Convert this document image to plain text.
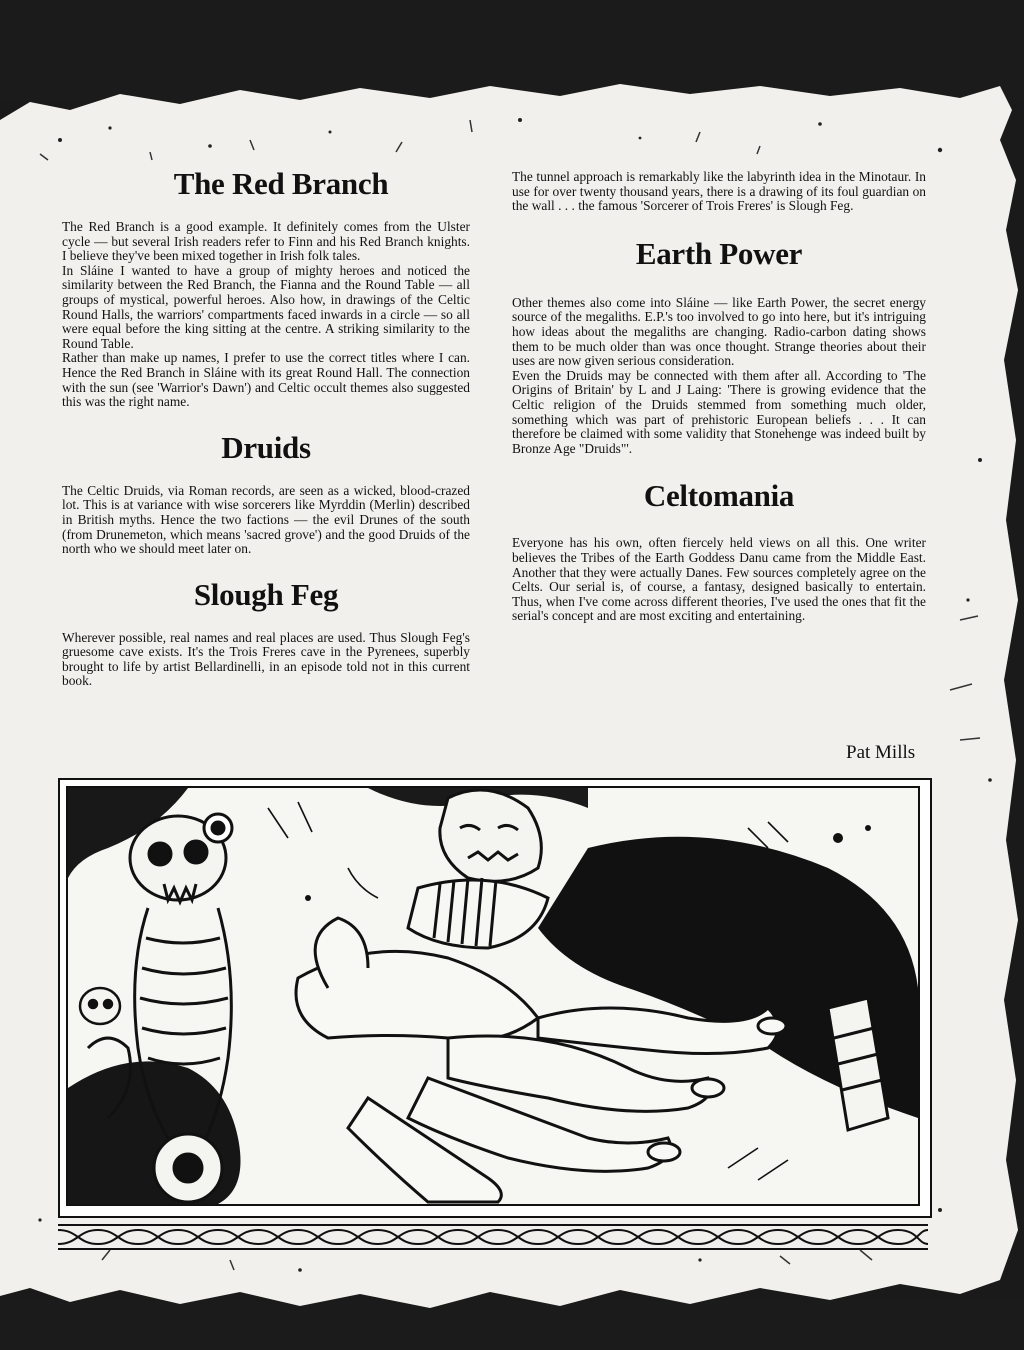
The Red Branch

The Red Branch is a good example. It definitely comes from the Ulster cycle — but several Irish readers refer to Finn and his Red Branch knights. I believe they've been mixed together in Irish folk tales.

In Sláine I wanted to have a group of mighty heroes and noticed the similarity between the Red Branch, the Fianna and the Round Table — all groups of mystical, powerful heroes. Also how, in drawings of the Celtic Round Halls, the warriors' compartments faced inwards in a circle — so all were equal before the king sitting at the centre. A striking similarity to the Round Table.

Rather than make up names, I prefer to use the correct titles where I can. Hence the Red Branch in Sláine with its great Round Hall. The connection with the sun (see 'Warrior's Dawn') and Celtic occult themes also suggested this was the right name.

Druids

The Celtic Druids, via Roman records, are seen as a wicked, blood-crazed lot. This is at variance with wise sorcerers like Myrddin (Merlin) described in British myths. Hence the two factions — the evil Drunes of the south (from Drunemeton, which means 'sacred grove') and the good Druids of the north who we should meet later on.

Slough Feg

Wherever possible, real names and real places are used. Thus Slough Feg's gruesome cave exists. It's the Trois Freres cave in the Pyrenees, superbly brought to life by artist Bellardinelli, in an episode told not in this current book.

The tunnel approach is remarkably like the labyrinth idea in the Minotaur. In use for over twenty thousand years, there is a drawing of its foul guardian on the wall . . . the famous 'Sorcerer of Trois Freres' is Slough Feg.

Earth Power

Other themes also come into Sláine — like Earth Power, the secret energy source of the megaliths. E.P.'s too involved to go into here, but it's intriguing how ideas about the megaliths are changing. Radio-carbon dating shows them to be much older than was once thought. Strange theories about their uses are now given serious consideration.

Even the Druids may be connected with them after all. According to 'The Origins of Britain' by L and J Laing: 'There is growing evidence that the Celtic religion of the Druids stemmed from something much older, something which was part of prehistoric European beliefs . . . It can therefore be claimed with some validity that Stonehenge was indeed built by Bronze Age "Druids"'.

Celtomania

Everyone has his own, often fiercely held views on all this. One writer believes the Tribes of the Earth Goddess Danu came from the Middle East. Another that they were actually Danes. Few sources completely agree on the Celts. Our serial is, of course, a fantasy, designed basically to entertain. Thus, when I've come across different theories, I've used the ones that fit the serial's concept and are most exciting and entertaining.

Pat Mills
